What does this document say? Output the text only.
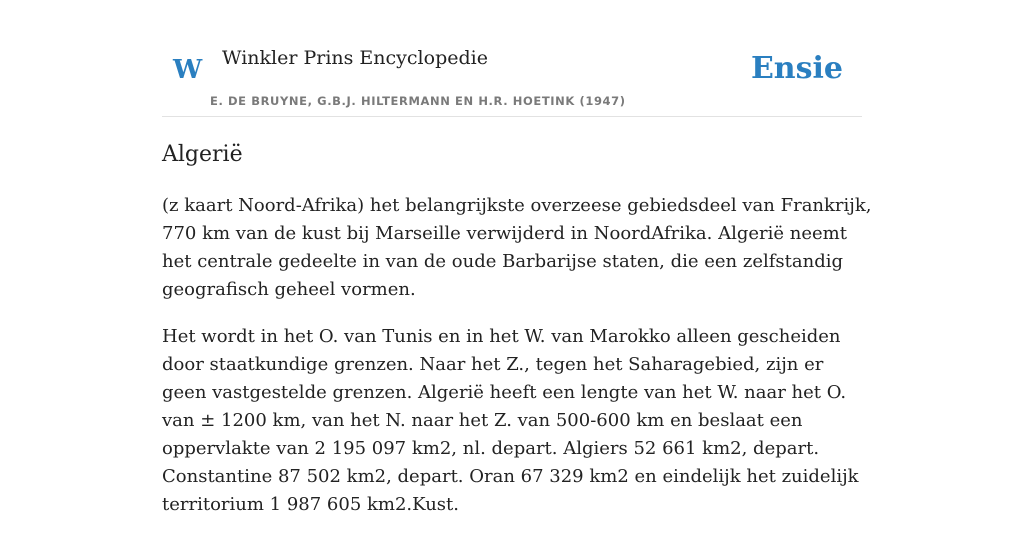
W Winkler Prins Encyclopedie
E. DE BRUYNE, G.B.J. HILTERMANN EN H.R. HOETINK (1947)
Ensie
Algerië

(z kaart Noord-Afrika) het belangrijkste overzeese gebiedsdeel van Frankrijk, 770 km van de kust bij Marseille verwijderd in NoordAfrika. Algerië neemt het centrale gedeelte in van de oude Barbarijse staten, die een zelfstandig geografisch geheel vormen.

Het wordt in het O. van Tunis en in het W. van Marokko alleen gescheiden door staatkundige grenzen. Naar het Z., tegen het Saharagebied, zijn er geen vastgestelde grenzen. Algerië heeft een lengte van het W. naar het O. van ± 1200 km, van het N. naar het Z. van 500-600 km en beslaat een oppervlakte van 2 195 097 km2, nl. depart. Algiers 52 661 km2, depart. Constantine 87 502 km2, depart. Oran 67 329 km2 en eindelijk het zuidelijk territorium 1 987 605 km2.Kust.
